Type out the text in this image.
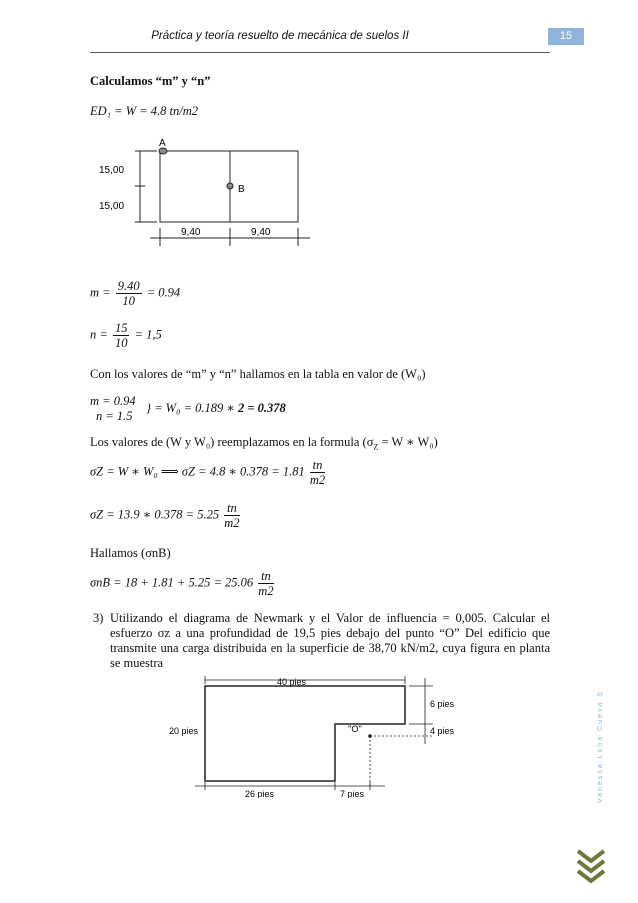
Práctica y teoría resuelto de mecánica de suelos II	15
Calculamos “m” y “n”
ED₁ = W = 4.8 tn/m2
A
B
15,00
15,00
9,40	9,40
$m = \frac{9.40}{10} = 0.94$
$n = \frac{15}{10} = 1,5$
Con los valores de “m” y “n” hallamos en la tabla en valor de (W₀)
m = 0.94
n = 1.5
} = W₀ = 0.189 ∗ 2 = 0.378
Los valores de (W y W₀) reemplazamos en la formula ($\sigma_Z = W$ ∗ W₀)
σZ = W ∗ W₀ ⟹ σZ = 4.8 ∗ $0.378 = 1.81 \frac{tn}{m2}$
σZ = 13.9 ∗ $0.378 = 5.25 \frac{tn}{m2}$
Hallamos (σnB)
$\sigma nB = 18 + 1.81 + 5.25 = 25.06 \frac{tn}{m2}$
3) Utilizando el diagrama de Newmark y el Valor de influencia = 0,005. Calcular el esfuerzo σz a una profundidad de 19,5 pies debajo del punto “O” Del edificio que transmite una carga distribuida en la superficie de 38,70 kN/m2, cuya figura en planta se muestra
40 pies
20 pies
6 pies
4 pies
''O''
26 pies	7 pies	Vanessa Luna Cueva S
